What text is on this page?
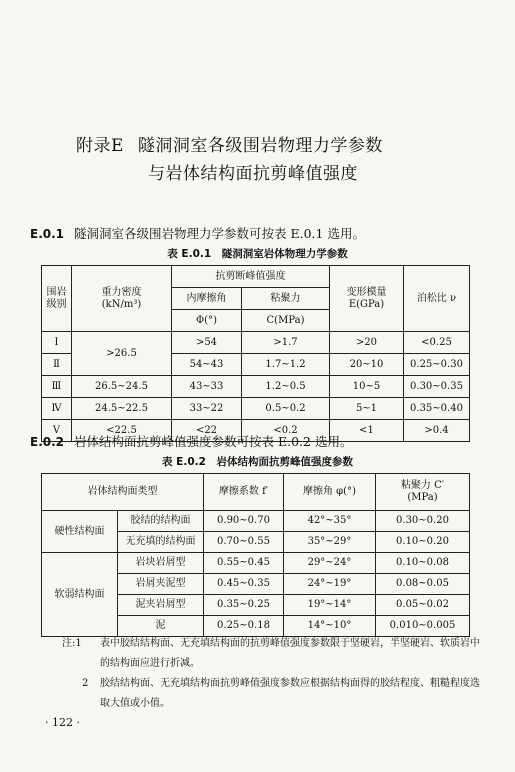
附录E 隧洞洞室各级围岩物理力学参数
与岩体结构面抗剪峰值强度
E.0.1 隧洞洞室各级围岩物理力学参数可按表 E.0.1 选用。
表 E.0.1　隧洞洞室岩体物理力学参数
围岩级别	重力密度
(kN/m³)	抗剪断峰值强度		变形模量
E(GPa)	泊松比 ν
		内摩擦角	粘聚力		
		Φ(°)	C(MPa)		
Ⅰ	>26.5	>54	>1.7	>20	<0.25
Ⅱ		54~43	1.7~1.2	20~10	0.25~0.30
Ⅲ	26.5~24.5	43~33	1.2~0.5	10~5	0.30~0.35
Ⅳ	24.5~22.5	33~22	0.5~0.2	5~1	0.35~0.40
Ⅴ	<22.5	<22	<0.2	<1	>0.4
E.0.2 岩体结构面抗剪峰值强度参数可按表 E.0.2 选用。
表 E.0.2　岩体结构面抗剪峰值强度参数
岩体结构面类型		摩擦系数 f′	摩擦角 φ(°)	粘聚力 C′
(MPa)

硬性结构面	胶结的结构面	0.90~0.70	42°~35°	0.30~0.20
	无充填的结构面	0.70~0.55	35°~29°	0.10~0.20
软弱结构面	岩块岩屑型	0.55~0.45	29°~24°	0.10~0.08
	岩屑夹泥型	0.45~0.35	24°~19°	0.08~0.05
	泥夹岩屑型	0.35~0.25	19°~14°	0.05~0.02
	泥	0.25~0.18	14°~10°	0.010~0.005
注:1 表中胶结结构面、无充填结构面的抗剪峰值强度参数限于坚硬岩，半坚硬岩、软质岩中的结构面应进行折减。
2 胶结结构面、无充填结构面抗剪峰值强度参数应根据结构面得的胶结程度、粗糙程度选取大值或小值。
· 122 ·
